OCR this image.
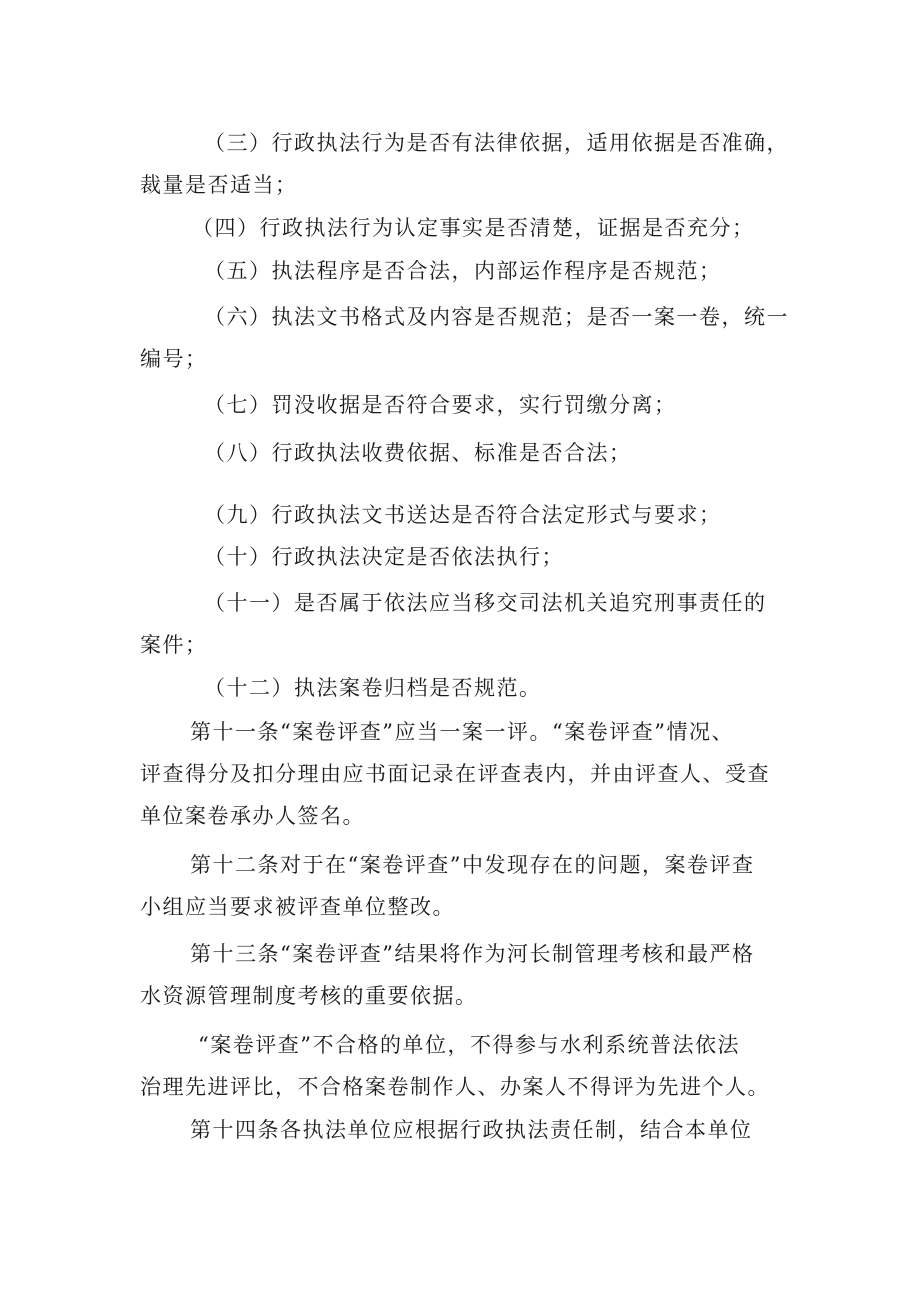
（三）行政执法行为是否有法律依据，适用依据是否准确，
裁量是否适当；

（四）行政执法行为认定事实是否清楚，证据是否充分；

（五）执法程序是否合法，内部运作程序是否规范；

（六）执法文书格式及内容是否规范；是否一案一卷，统一
编号；

（七）罚没收据是否符合要求，实行罚缴分离；

（八）行政执法收费依据、标准是否合法；

（九）行政执法文书送达是否符合法定形式与要求；

（十）行政执法决定是否依法执行；

（十一）是否属于依法应当移交司法机关追究刑事责任的
案件；

（十二）执法案卷归档是否规范。

第十一条“案卷评查”应当一案一评。“案卷评查”情况、
评查得分及扣分理由应书面记录在评查表内，并由评查人、受查
单位案卷承办人签名。

第十二条对于在“案卷评查”中发现存在的问题，案卷评查
小组应当要求被评查单位整改。

第十三条“案卷评查”结果将作为河长制管理考核和最严格
水资源管理制度考核的重要依据。

“案卷评查”不合格的单位，不得参与水利系统普法依法
治理先进评比，不合格案卷制作人、办案人不得评为先进个人。

第十四条各执法单位应根据行政执法责任制，结合本单位
